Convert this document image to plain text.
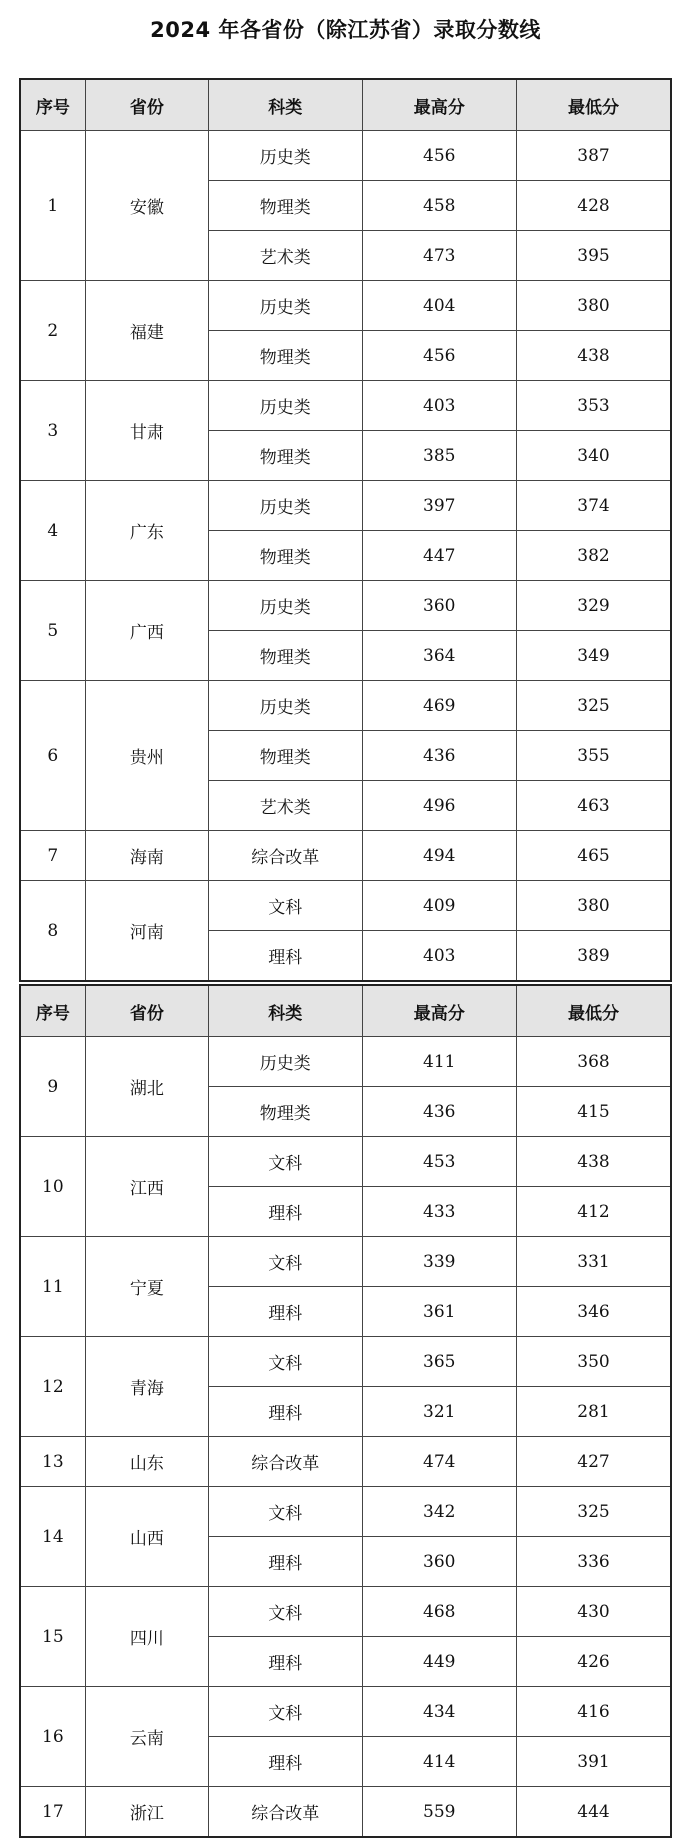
2024 年各省份（除江苏省）录取分数线
序号	省份	科类	最高分	最低分
1	安徽	历史类	456	387
		物理类	458	428
		艺术类	473	395
2	福建	历史类	404	380
		物理类	456	438
3	甘肃	历史类	403	353
		物理类	385	340
4	广东	历史类	397	374
		物理类	447	382
5	广西	历史类	360	329
		物理类	364	349
6	贵州	历史类	469	325
		物理类	436	355
		艺术类	496	463
7	海南	综合改革	494	465
8	河南	文科	409	380
		理科	403	389
序号	省份	科类	最高分	最低分
9	湖北	历史类	411	368
		物理类	436	415
10	江西	文科	453	438
		理科	433	412
11	宁夏	文科	339	331
		理科	361	346
12	青海	文科	365	350
		理科	321	281
13	山东	综合改革	474	427
14	山西	文科	342	325
		理科	360	336
15	四川	文科	468	430
		理科	449	426
16	云南	文科	434	416
		理科	414	391
17	浙江	综合改革	559	444
